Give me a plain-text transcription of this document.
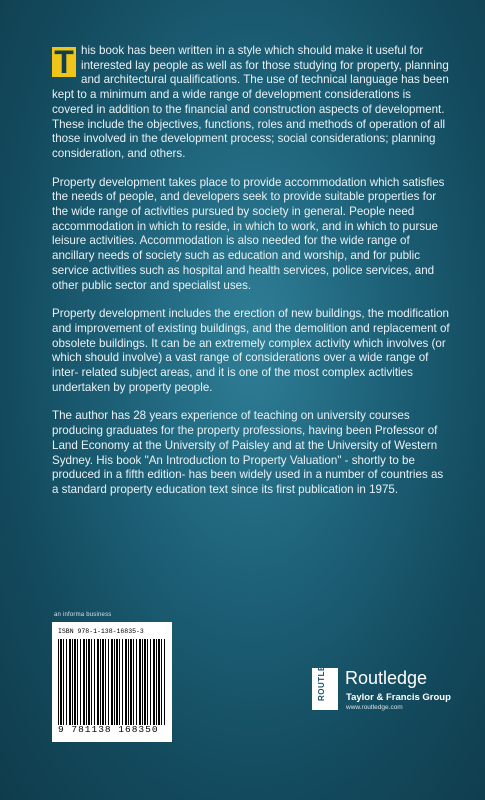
T his book has been written in a style which should make it useful for interested lay people as well as for those studying for property, planning and architectural qualifications. The use of technical language has been kept to a minimum and a wide range of development considerations is covered in addition to the financial and construction aspects of development. These include the objectives, functions, roles and methods of operation of all those involved in the development process; social considerations; planning consideration, and others.

Property development takes place to provide accommodation which satisfies the needs of people, and developers seek to provide suitable properties for the wide range of activities pursued by society in general. People need accommodation in which to reside, in which to work, and in which to pursue leisure activities. Accommodation is also needed for the wide range of ancillary needs of society such as education and worship, and for public service activities such as hospital and health services, police services, and other public sector and specialist uses.

Property development includes the erection of new buildings, the modification and improvement of existing buildings, and the demolition and replacement of obsolete buildings. It can be an extremely complex activity which involves (or which should involve) a vast range of considerations over a wide range of inter- related subject areas, and it is one of the most complex activities undertaken by property people.

The author has 28 years experience of teaching on university courses producing graduates for the property professions, having been Professor of Land Economy at the University of Paisley and at the University of Western Sydney. His book "An Introduction to Property Valuation" - shortly to be produced in a fifth edition- has been widely used in a number of countries as a standard property education text since its first publication in 1975.

an informa business
ISBN 978-1-138-16835-3
9 781138 168350
ROUTLEDGE Routledge
Taylor & Francis Group
www.routledge.com
